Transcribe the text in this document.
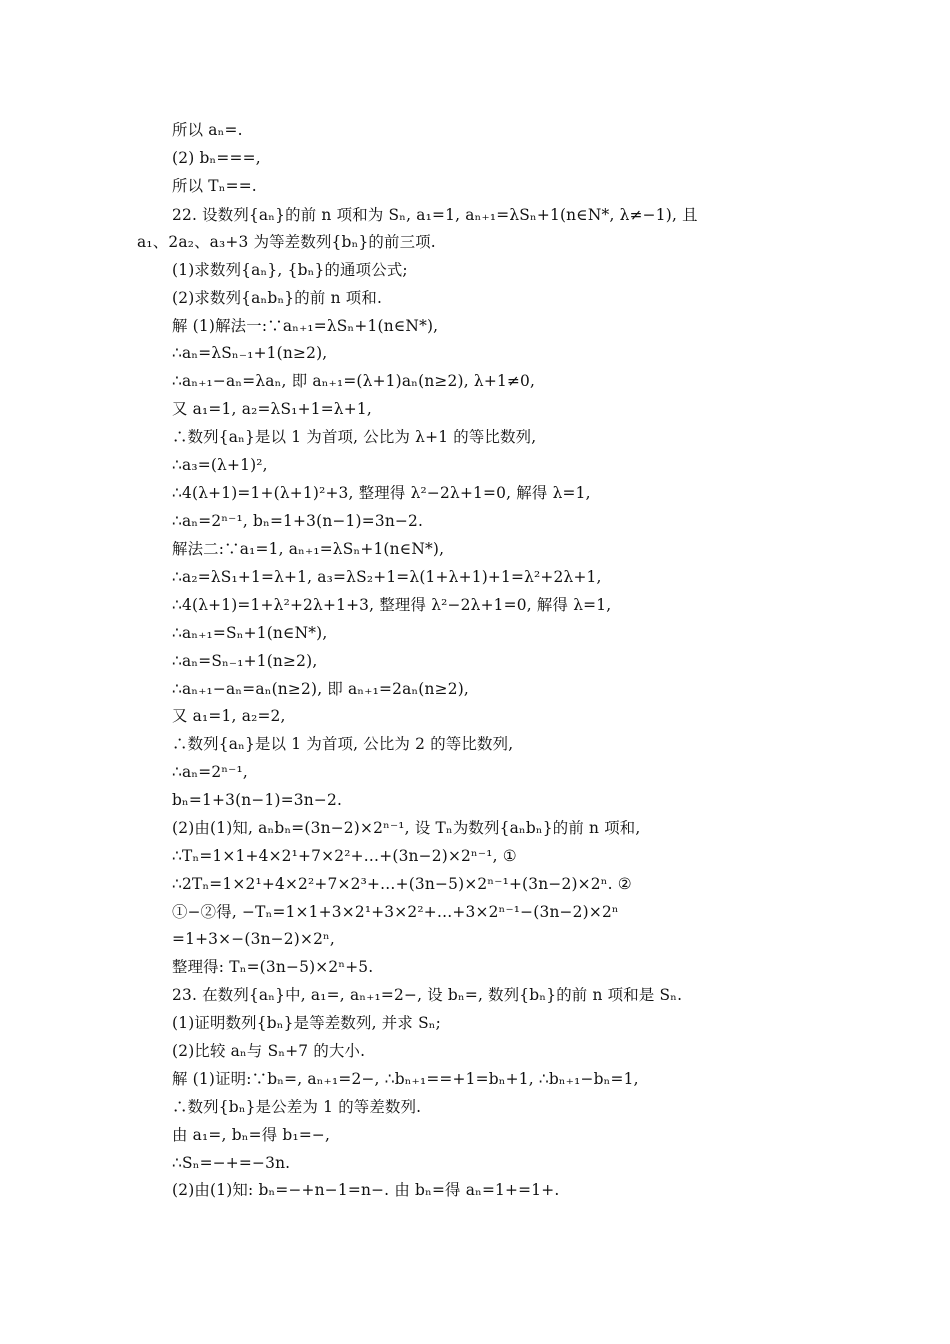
所以 aₙ=.
(2) bₙ===,
所以 Tₙ==.
22. 设数列{aₙ}的前 n 项和为 Sₙ, a₁=1, aₙ₊₁=λSₙ+1(n∈N*, λ≠−1), 且
a₁、2a₂、a₃+3 为等差数列{bₙ}的前三项.
(1)求数列{aₙ}, {bₙ}的通项公式;
(2)求数列{aₙbₙ}的前 n 项和.
解 (1)解法一:∵aₙ₊₁=λSₙ+1(n∈N*),
∴aₙ=λSₙ₋₁+1(n≥2),
∴aₙ₊₁−aₙ=λaₙ, 即 aₙ₊₁=(λ+1)aₙ(n≥2), λ+1≠0,
又 a₁=1, a₂=λS₁+1=λ+1,
∴数列{aₙ}是以 1 为首项, 公比为 λ+1 的等比数列,
∴a₃=(λ+1)²,
∴4(λ+1)=1+(λ+1)²+3, 整理得 λ²−2λ+1=0, 解得 λ=1,
∴aₙ=2ⁿ⁻¹, bₙ=1+3(n−1)=3n−2.
解法二:∵a₁=1, aₙ₊₁=λSₙ+1(n∈N*),
∴a₂=λS₁+1=λ+1, a₃=λS₂+1=λ(1+λ+1)+1=λ²+2λ+1,
∴4(λ+1)=1+λ²+2λ+1+3, 整理得 λ²−2λ+1=0, 解得 λ=1,
∴aₙ₊₁=Sₙ+1(n∈N*),
∴aₙ=Sₙ₋₁+1(n≥2),
∴aₙ₊₁−aₙ=aₙ(n≥2), 即 aₙ₊₁=2aₙ(n≥2),
又 a₁=1, a₂=2,
∴数列{aₙ}是以 1 为首项, 公比为 2 的等比数列,
∴aₙ=2ⁿ⁻¹,
bₙ=1+3(n−1)=3n−2.
(2)由(1)知, aₙbₙ=(3n−2)×2ⁿ⁻¹, 设 Tₙ为数列{aₙbₙ}的前 n 项和,
∴Tₙ=1×1+4×2¹+7×2²+…+(3n−2)×2ⁿ⁻¹, ①
∴2Tₙ=1×2¹+4×2²+7×2³+…+(3n−5)×2ⁿ⁻¹+(3n−2)×2ⁿ. ②
①−②得, −Tₙ=1×1+3×2¹+3×2²+…+3×2ⁿ⁻¹−(3n−2)×2ⁿ
=1+3×−(3n−2)×2ⁿ,
整理得: Tₙ=(3n−5)×2ⁿ+5.
23. 在数列{aₙ}中, a₁=, aₙ₊₁=2−, 设 bₙ=, 数列{bₙ}的前 n 项和是 Sₙ.
(1)证明数列{bₙ}是等差数列, 并求 Sₙ;
(2)比较 aₙ与 Sₙ+7 的大小.
解 (1)证明:∵bₙ=, aₙ₊₁=2−, ∴bₙ₊₁==+1=bₙ+1, ∴bₙ₊₁−bₙ=1,
∴数列{bₙ}是公差为 1 的等差数列.
由 a₁=, bₙ=得 b₁=−,
∴Sₙ=−+=−3n.
(2)由(1)知: bₙ=−+n−1=n−. 由 bₙ=得 aₙ=1+=1+.
